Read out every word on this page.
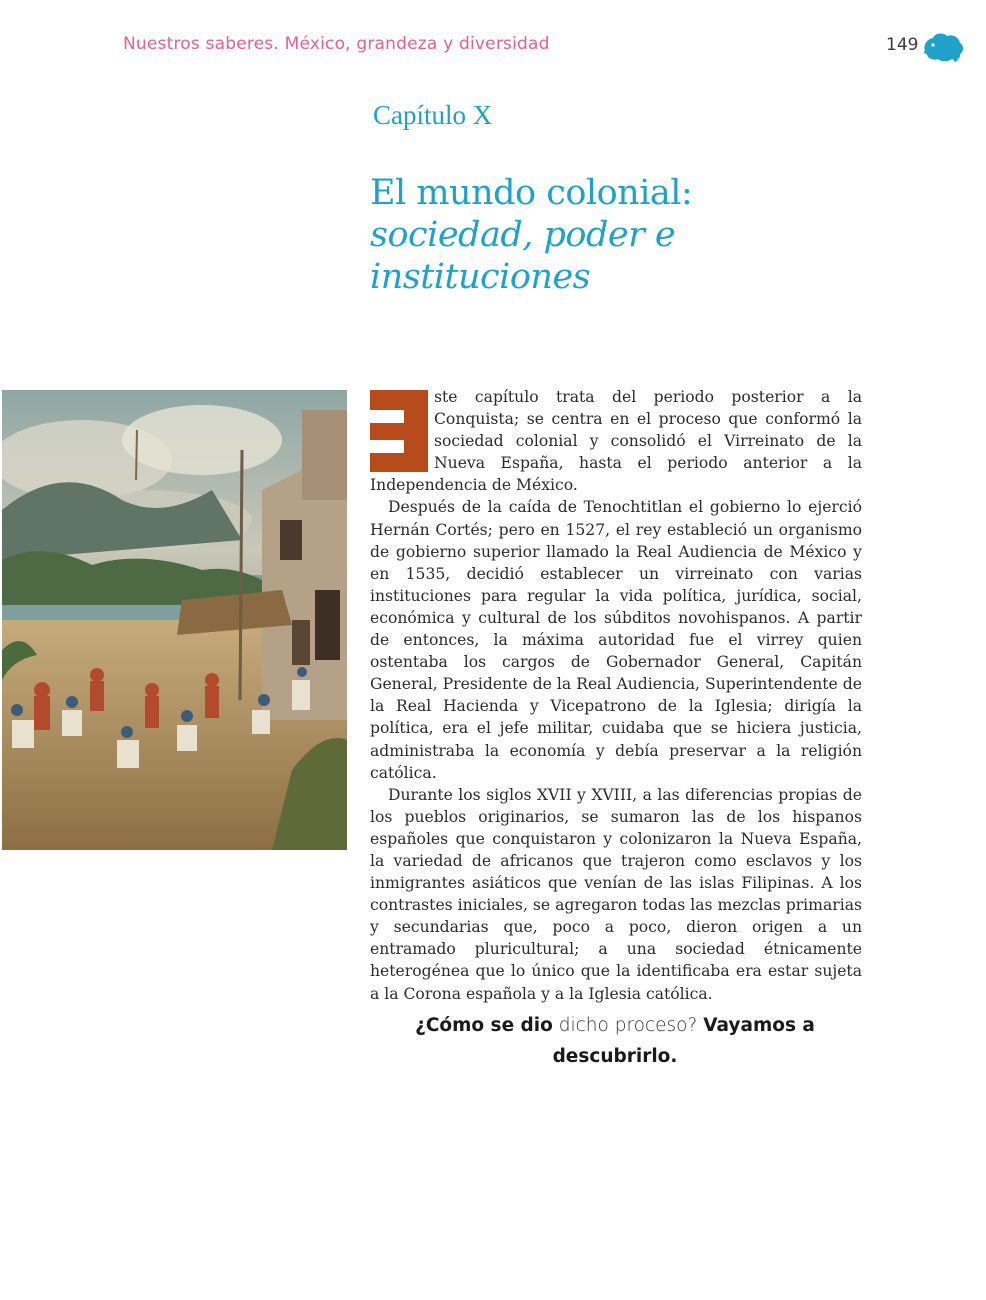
Nuestros saberes. México, grandeza y diversidad	149
Capítulo X
El mundo colonial:
sociedad, poder e
instituciones

ste capítulo trata del periodo posterior a la Conquista; se centra en el proceso que conformó la sociedad colonial y consolidó el Virreinato de la Nueva España, hasta el periodo anterior a la Independencia de México.

Después de la caída de Tenochtitlan el gobierno lo ejerció Hernán Cortés; pero en 1527, el rey estableció un organismo de gobierno superior llamado la Real Audiencia de México y en 1535, decidió establecer un virreinato con varias instituciones para regular la vida política, jurídica, social, económica y cultural de los súbditos novohispanos. A partir de entonces, la máxima autoridad fue el virrey quien ostentaba los cargos de Gobernador General, Capitán General, Presidente de la Real Audiencia, Superintendente de la Real Hacienda y Vicepatrono de la Iglesia; dirigía la política, era el jefe militar, cuidaba que se hiciera justicia, administraba la economía y debía preservar a la religión católica.

Durante los siglos XVII y XVIII, a las diferencias propias de los pueblos originarios, se sumaron las de los hispanos españoles que conquistaron y colonizaron la Nueva España, la variedad de africanos que trajeron como esclavos y los inmigrantes asiáticos que venían de las islas Filipinas. A los contrastes iniciales, se agregaron todas las mezclas primarias y secundarias que, poco a poco, dieron origen a un entramado pluricultural; a una sociedad étnicamente heterogénea que lo único que la identificaba era estar sujeta a la Corona española y a la Iglesia católica.

¿Cómo se dio dicho proceso? Vayamos a descubrirlo.
